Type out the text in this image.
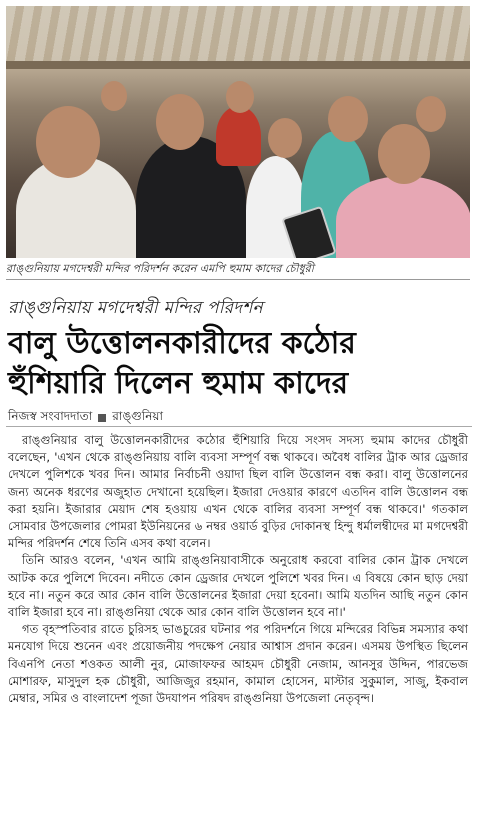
রাঙ্গুনিয়ায় মগদেশ্বরী মন্দির পরিদর্শন করেন এমপি হুমাম কাদের চৌধুরী
রাঙ্গুনিয়ায় মগদেশ্বরী মন্দির পরিদর্শন
বালু উত্তোলনকারীদের কঠোর
হুঁশিয়ারি দিলেন হুমাম কাদের
নিজস্ব সংবাদদাতা রাঙ্গুনিয়া

রাঙ্গুনিয়ার বালু উত্তোলনকারীদের কঠোর হুঁশিয়ারি দিয়ে সংসদ সদস্য হুমাম কাদের চৌধুরী বলেছেন, 'এখন থেকে রাঙ্গুনিয়ায় বালি ব্যবসা সম্পূর্ণ বন্ধ থাকবে। অবৈধ বালির ট্রাক আর ড্রেজার দেখলে পুলিশকে খবর দিন। আমার নির্বাচনী ওয়াদা ছিল বালি উত্তোলন বন্ধ করা। বালু উত্তোলনের জন্য অনেক ধরণের অজুহাত দেখানো হয়েছিল। ইজারা দেওয়ার কারণে এতদিন বালি উত্তোলন বন্ধ করা হয়নি। ইজারার মেয়াদ শেষ হওয়ায় এখন থেকে বালির ব্যবসা সম্পূর্ণ বন্ধ থাকবে।' গতকাল সোমবার উপজেলার পোমরা ইউনিয়নের ৬ নম্বর ওয়ার্ড বুড়ির দোকানস্থ হিন্দু ধর্মালম্বীদের মা মগদেশ্বরী মন্দির পরিদর্শন শেষে তিনি এসব কথা বলেন।

তিনি আরও বলেন, 'এখন আমি রাঙ্গুনিয়াবাসীকে অনুরোধ করবো বালির কোন ট্রাক দেখলে আটক করে পুলিশে দিবেন। নদীতে কোন ড্রেজার দেখলে পুলিশে খবর দিন। এ বিষয়ে কোন ছাড় দেয়া হবে না। নতুন করে আর কোন বালি উত্তোলনের ইজারা দেয়া হবেনা। আমি যতদিন আছি নতুন কোন বালি ইজারা হবে না। রাঙ্গুনিয়া থেকে আর কোন বালি উত্তোলন হবে না।'

গত বৃহস্পতিবার রাতে চুরিসহ ভাঙচুরের ঘটনার পর পরিদর্শনে গিয়ে মন্দিরের বিভিন্ন সমস্যার কথা মনযোগ দিয়ে শুনেন এবং প্রয়োজনীয় পদক্ষেপ নেয়ার আশ্বাস প্রদান করেন। এসময় উপস্থিত ছিলেন বিএনপি নেতা শওকত আলী নুর, মোজাফফর আহমদ চৌধুরী নেজাম, আনসুর উদ্দিন, পারভেজ মোশারফ, মাসুদুল হক চৌধুরী, আজিজুর রহমান, কামাল হোসেন, মাস্টার সুকুমাল, সাজু, ইকবাল মেম্বার, সমির ও বাংলাদেশ পূজা উদযাপন পরিষদ রাঙ্গুনিয়া উপজেলা নেতৃবৃন্দ।
